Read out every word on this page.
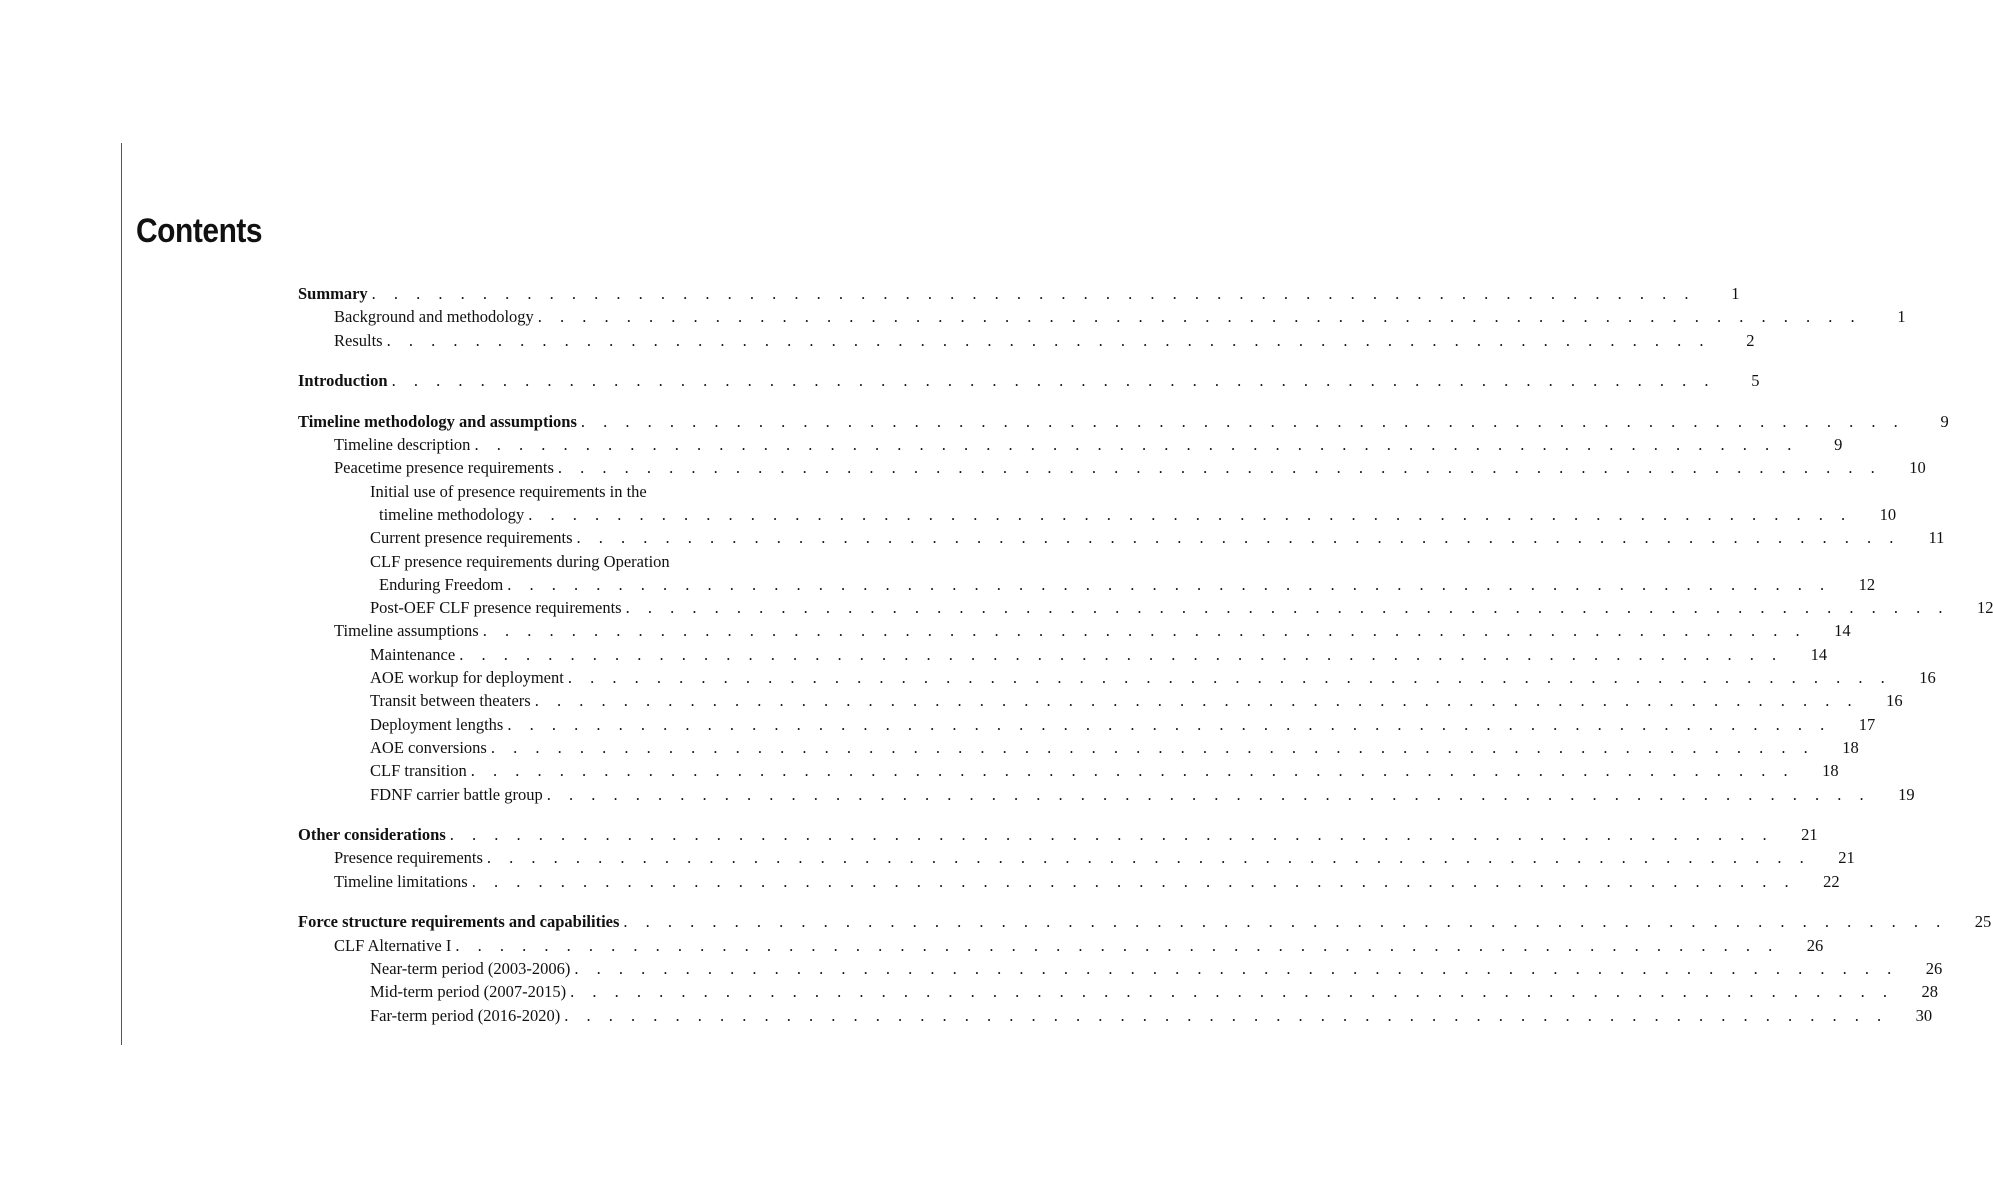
Contents
Summary . . . . . . . . . . . . . . . . . . . . . . . . . . . . . . . . . . . . . . . . . . . . . . . . . . . . . . . . . . . .	1
Background and methodology . . . . . . . . . . . . . . . . . . . . . . . . . . . . . . . . . . . . . . . . . . . . . . . . . . . . . . . . . . . .	1
Results . . . . . . . . . . . . . . . . . . . . . . . . . . . . . . . . . . . . . . . . . . . . . . . . . . . . . . . . . . . .	2
Introduction . . . . . . . . . . . . . . . . . . . . . . . . . . . . . . . . . . . . . . . . . . . . . . . . . . . . . . . . . . . .	5
Timeline methodology and assumptions . . . . . . . . . . . . . . . . . . . . . . . . . . . . . . . . . . . . . . . . . . . . . . . . . . . . . . . . . . . .	9
Timeline description . . . . . . . . . . . . . . . . . . . . . . . . . . . . . . . . . . . . . . . . . . . . . . . . . . . . . . . . . . . .	9
Peacetime presence requirements . . . . . . . . . . . . . . . . . . . . . . . . . . . . . . . . . . . . . . . . . . . . . . . . . . . . . . . . . . . .	10
Initial use of presence requirements in the
timeline methodology . . . . . . . . . . . . . . . . . . . . . . . . . . . . . . . . . . . . . . . . . . . . . . . . . . . . . . . . . . . .	10
Current presence requirements . . . . . . . . . . . . . . . . . . . . . . . . . . . . . . . . . . . . . . . . . . . . . . . . . . . . . . . . . . . .	11
CLF presence requirements during Operation
Enduring Freedom . . . . . . . . . . . . . . . . . . . . . . . . . . . . . . . . . . . . . . . . . . . . . . . . . . . . . . . . . . . .	12
Post-OEF CLF presence requirements . . . . . . . . . . . . . . . . . . . . . . . . . . . . . . . . . . . . . . . . . . . . . . . . . . . . . . . . . . . .	12
Timeline assumptions . . . . . . . . . . . . . . . . . . . . . . . . . . . . . . . . . . . . . . . . . . . . . . . . . . . . . . . . . . . .	14
Maintenance . . . . . . . . . . . . . . . . . . . . . . . . . . . . . . . . . . . . . . . . . . . . . . . . . . . . . . . . . . . .	14
AOE workup for deployment . . . . . . . . . . . . . . . . . . . . . . . . . . . . . . . . . . . . . . . . . . . . . . . . . . . . . . . . . . . .	16
Transit between theaters . . . . . . . . . . . . . . . . . . . . . . . . . . . . . . . . . . . . . . . . . . . . . . . . . . . . . . . . . . . .	16
Deployment lengths . . . . . . . . . . . . . . . . . . . . . . . . . . . . . . . . . . . . . . . . . . . . . . . . . . . . . . . . . . . .	17
AOE conversions . . . . . . . . . . . . . . . . . . . . . . . . . . . . . . . . . . . . . . . . . . . . . . . . . . . . . . . . . . . .	18
CLF transition . . . . . . . . . . . . . . . . . . . . . . . . . . . . . . . . . . . . . . . . . . . . . . . . . . . . . . . . . . . .	18
FDNF carrier battle group . . . . . . . . . . . . . . . . . . . . . . . . . . . . . . . . . . . . . . . . . . . . . . . . . . . . . . . . . . . .	19
Other considerations . . . . . . . . . . . . . . . . . . . . . . . . . . . . . . . . . . . . . . . . . . . . . . . . . . . . . . . . . . . .	21
Presence requirements . . . . . . . . . . . . . . . . . . . . . . . . . . . . . . . . . . . . . . . . . . . . . . . . . . . . . . . . . . . .	21
Timeline limitations . . . . . . . . . . . . . . . . . . . . . . . . . . . . . . . . . . . . . . . . . . . . . . . . . . . . . . . . . . . .	22
Force structure requirements and capabilities . . . . . . . . . . . . . . . . . . . . . . . . . . . . . . . . . . . . . . . . . . . . . . . . . . . . . . . . . . . .	25
CLF Alternative I . . . . . . . . . . . . . . . . . . . . . . . . . . . . . . . . . . . . . . . . . . . . . . . . . . . . . . . . . . . .	26
Near-term period (2003-2006) . . . . . . . . . . . . . . . . . . . . . . . . . . . . . . . . . . . . . . . . . . . . . . . . . . . . . . . . . . . .	26
Mid-term period (2007-2015) . . . . . . . . . . . . . . . . . . . . . . . . . . . . . . . . . . . . . . . . . . . . . . . . . . . . . . . . . . . .	28
Far-term period (2016-2020) . . . . . . . . . . . . . . . . . . . . . . . . . . . . . . . . . . . . . . . . . . . . . . . . . . . . . . . . . . . .	30
